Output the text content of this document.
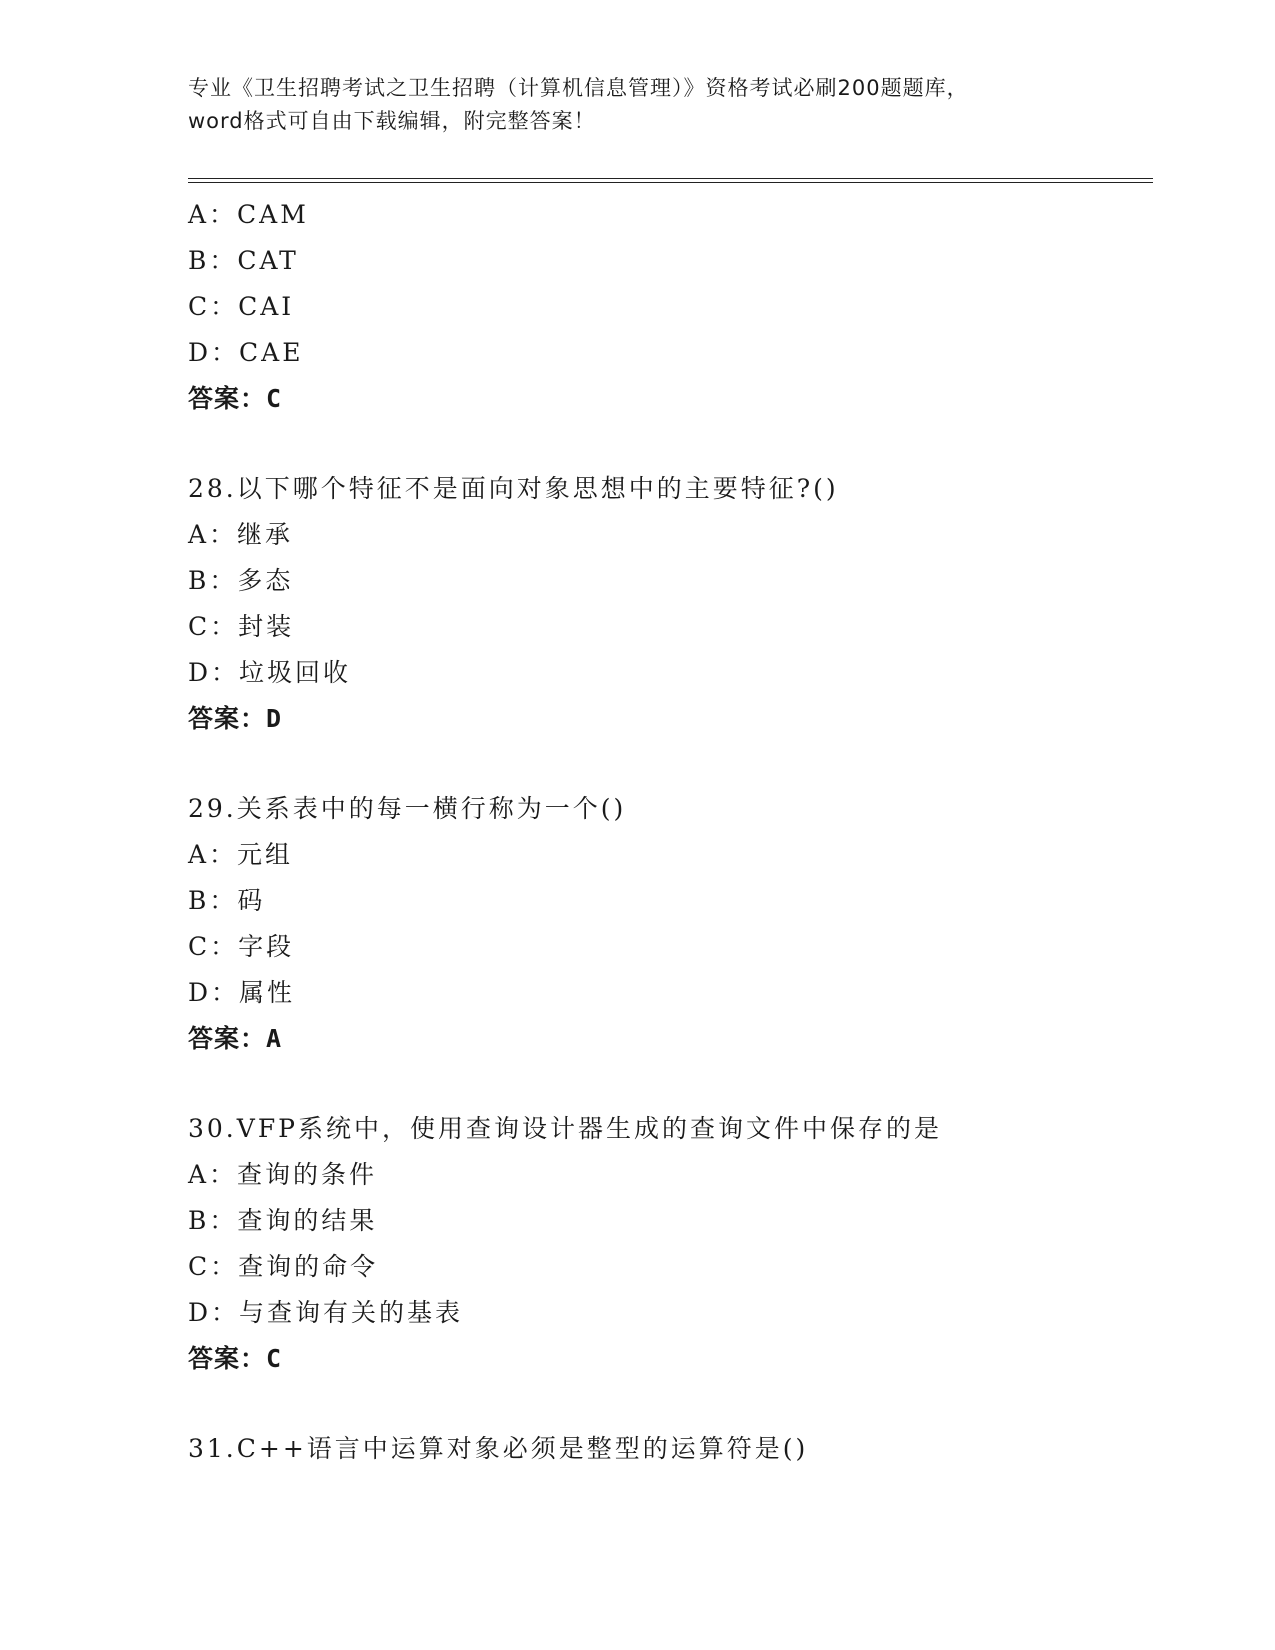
专业《卫生招聘考试之卫生招聘（计算机信息管理）》资格考试必刷200题题库，
word格式可自由下载编辑，附完整答案！
A：CAM
B：CAT
C：CAI
D：CAE
答案：C
28.以下哪个特征不是面向对象思想中的主要特征?()
A：继承
B：多态
C：封装
D：垃圾回收
答案：D
29.关系表中的每一横行称为一个()
A：元组
B：码
C：字段
D：属性
答案：A
30.VFP系统中，使用查询设计器生成的查询文件中保存的是
A：查询的条件
B：查询的结果
C：查询的命令
D：与查询有关的基表
答案：C
31.C++语言中运算对象必须是整型的运算符是()
